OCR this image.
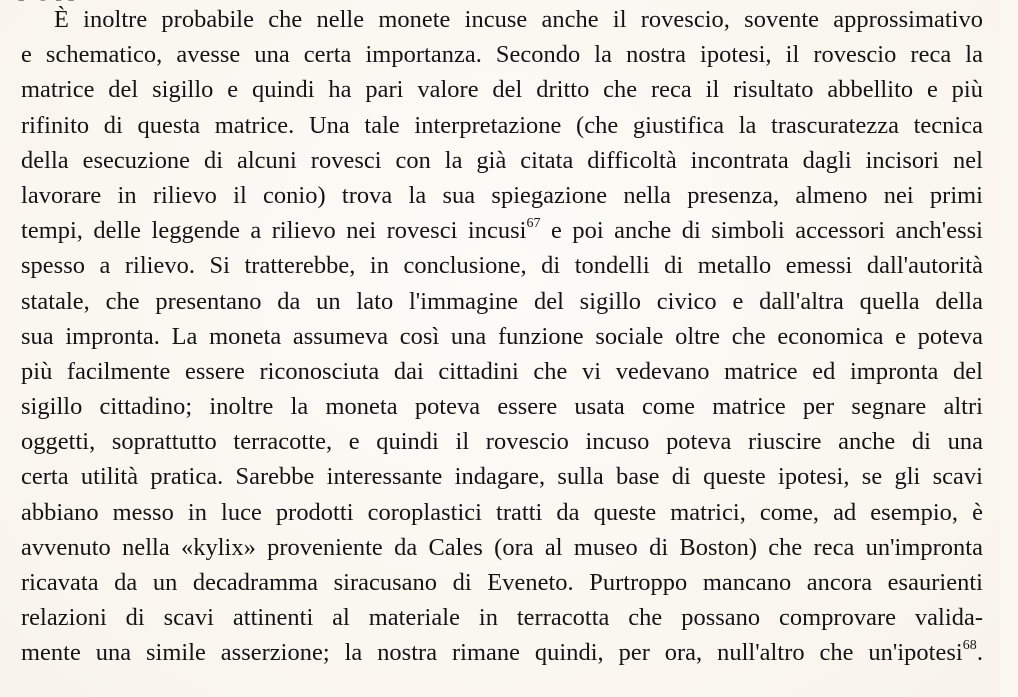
È inoltre probabile che nelle monete incuse anche il rovescio, sovente approssimativo
e schematico, avesse una certa importanza. Secondo la nostra ipotesi, il rovescio reca la
matrice del sigillo e quindi ha pari valore del dritto che reca il risultato abbellito e più
rifinito di questa matrice. Una tale interpretazione (che giustifica la trascuratezza tecnica
della esecuzione di alcuni rovesci con la già citata difficoltà incontrata dagli incisori nel
lavorare in rilievo il conio) trova la sua spiegazione nella presenza, almeno nei primi
tempi, delle leggende a rilievo nei rovesci incusi$^{67}$ e poi anche di simboli accessori anch'essi
spesso a rilievo. Si tratterebbe, in conclusione, di tondelli di metallo emessi dall'autorità
statale, che presentano da un lato l'immagine del sigillo civico e dall'altra quella della
sua impronta. La moneta assumeva così una funzione sociale oltre che economica e poteva
più facilmente essere riconosciuta dai cittadini che vi vedevano matrice ed impronta del
sigillo cittadino; inoltre la moneta poteva essere usata come matrice per segnare altri
oggetti, soprattutto terracotte, e quindi il rovescio incuso poteva riuscire anche di una
certa utilità pratica. Sarebbe interessante indagare, sulla base di queste ipotesi, se gli scavi
abbiano messo in luce prodotti coroplastici tratti da queste matrici, come, ad esempio, è
avvenuto nella «kylix» proveniente da Cales (ora al museo di Boston) che reca un'impronta
ricavata da un decadramma siracusano di Eveneto. Purtroppo mancano ancora esaurienti
relazioni di scavi attinenti al materiale in terracotta che possano comprovare valida-
mente una simile asserzione; la nostra rimane quindi, per ora, null'altro che un'ipotesi$^{68}$.
